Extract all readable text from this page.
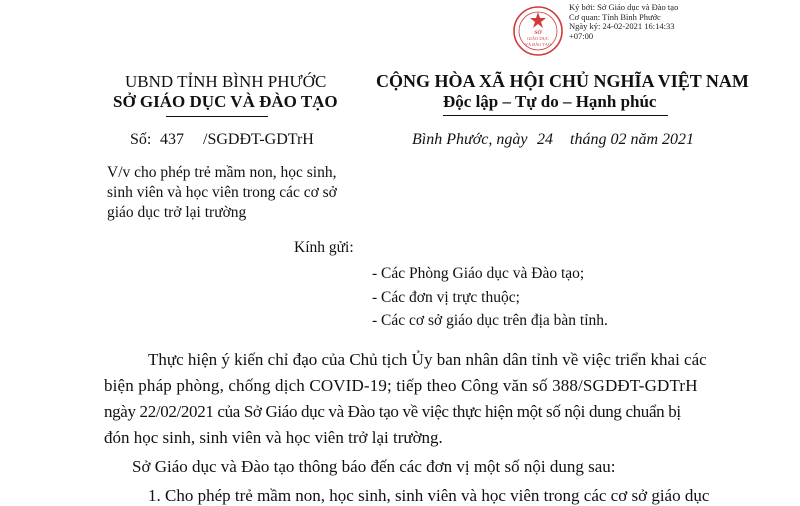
SỞ
GIÁO DỤC
VÀ ĐÀO TẠO
Ký bởi: Sở Giáo dục và Đào tạo
Cơ quan: Tỉnh Bình Phước
Ngày ký: 24-02-2021 16:14:33
+07:00
UBND TỈNH BÌNH PHƯỚC
SỞ GIÁO DỤC VÀ ĐÀO TẠO
CỘNG HÒA XÃ HỘI CHỦ NGHĨA VIỆT NAM
Độc lập – Tự do – Hạnh phúc
Số: 437 /SGDĐT-GDTrH	Bình Phước, ngày 24 tháng 02 năm 2021
V/v cho phép trẻ mầm non, học sinh,
sinh viên và học viên trong các cơ sở
giáo dục trở lại trường
Kính gửi:
- Các Phòng Giáo dục và Đào tạo;
- Các đơn vị trực thuộc;
- Các cơ sở giáo dục trên địa bàn tỉnh.
Thực hiện ý kiến chỉ đạo của Chủ tịch Ủy ban nhân dân tỉnh về việc triển khai các
biện pháp phòng, chống dịch COVID-19; tiếp theo Công văn số 388/SGDĐT-GDTrH
ngày 22/02/2021 của Sở Giáo dục và Đào tạo về việc thực hiện một số nội dung chuẩn bị
đón học sinh, sinh viên và học viên trở lại trường.
Sở Giáo dục và Đào tạo thông báo đến các đơn vị một số nội dung sau:
1. Cho phép trẻ mầm non, học sinh, sinh viên và học viên trong các cơ sở giáo dục
